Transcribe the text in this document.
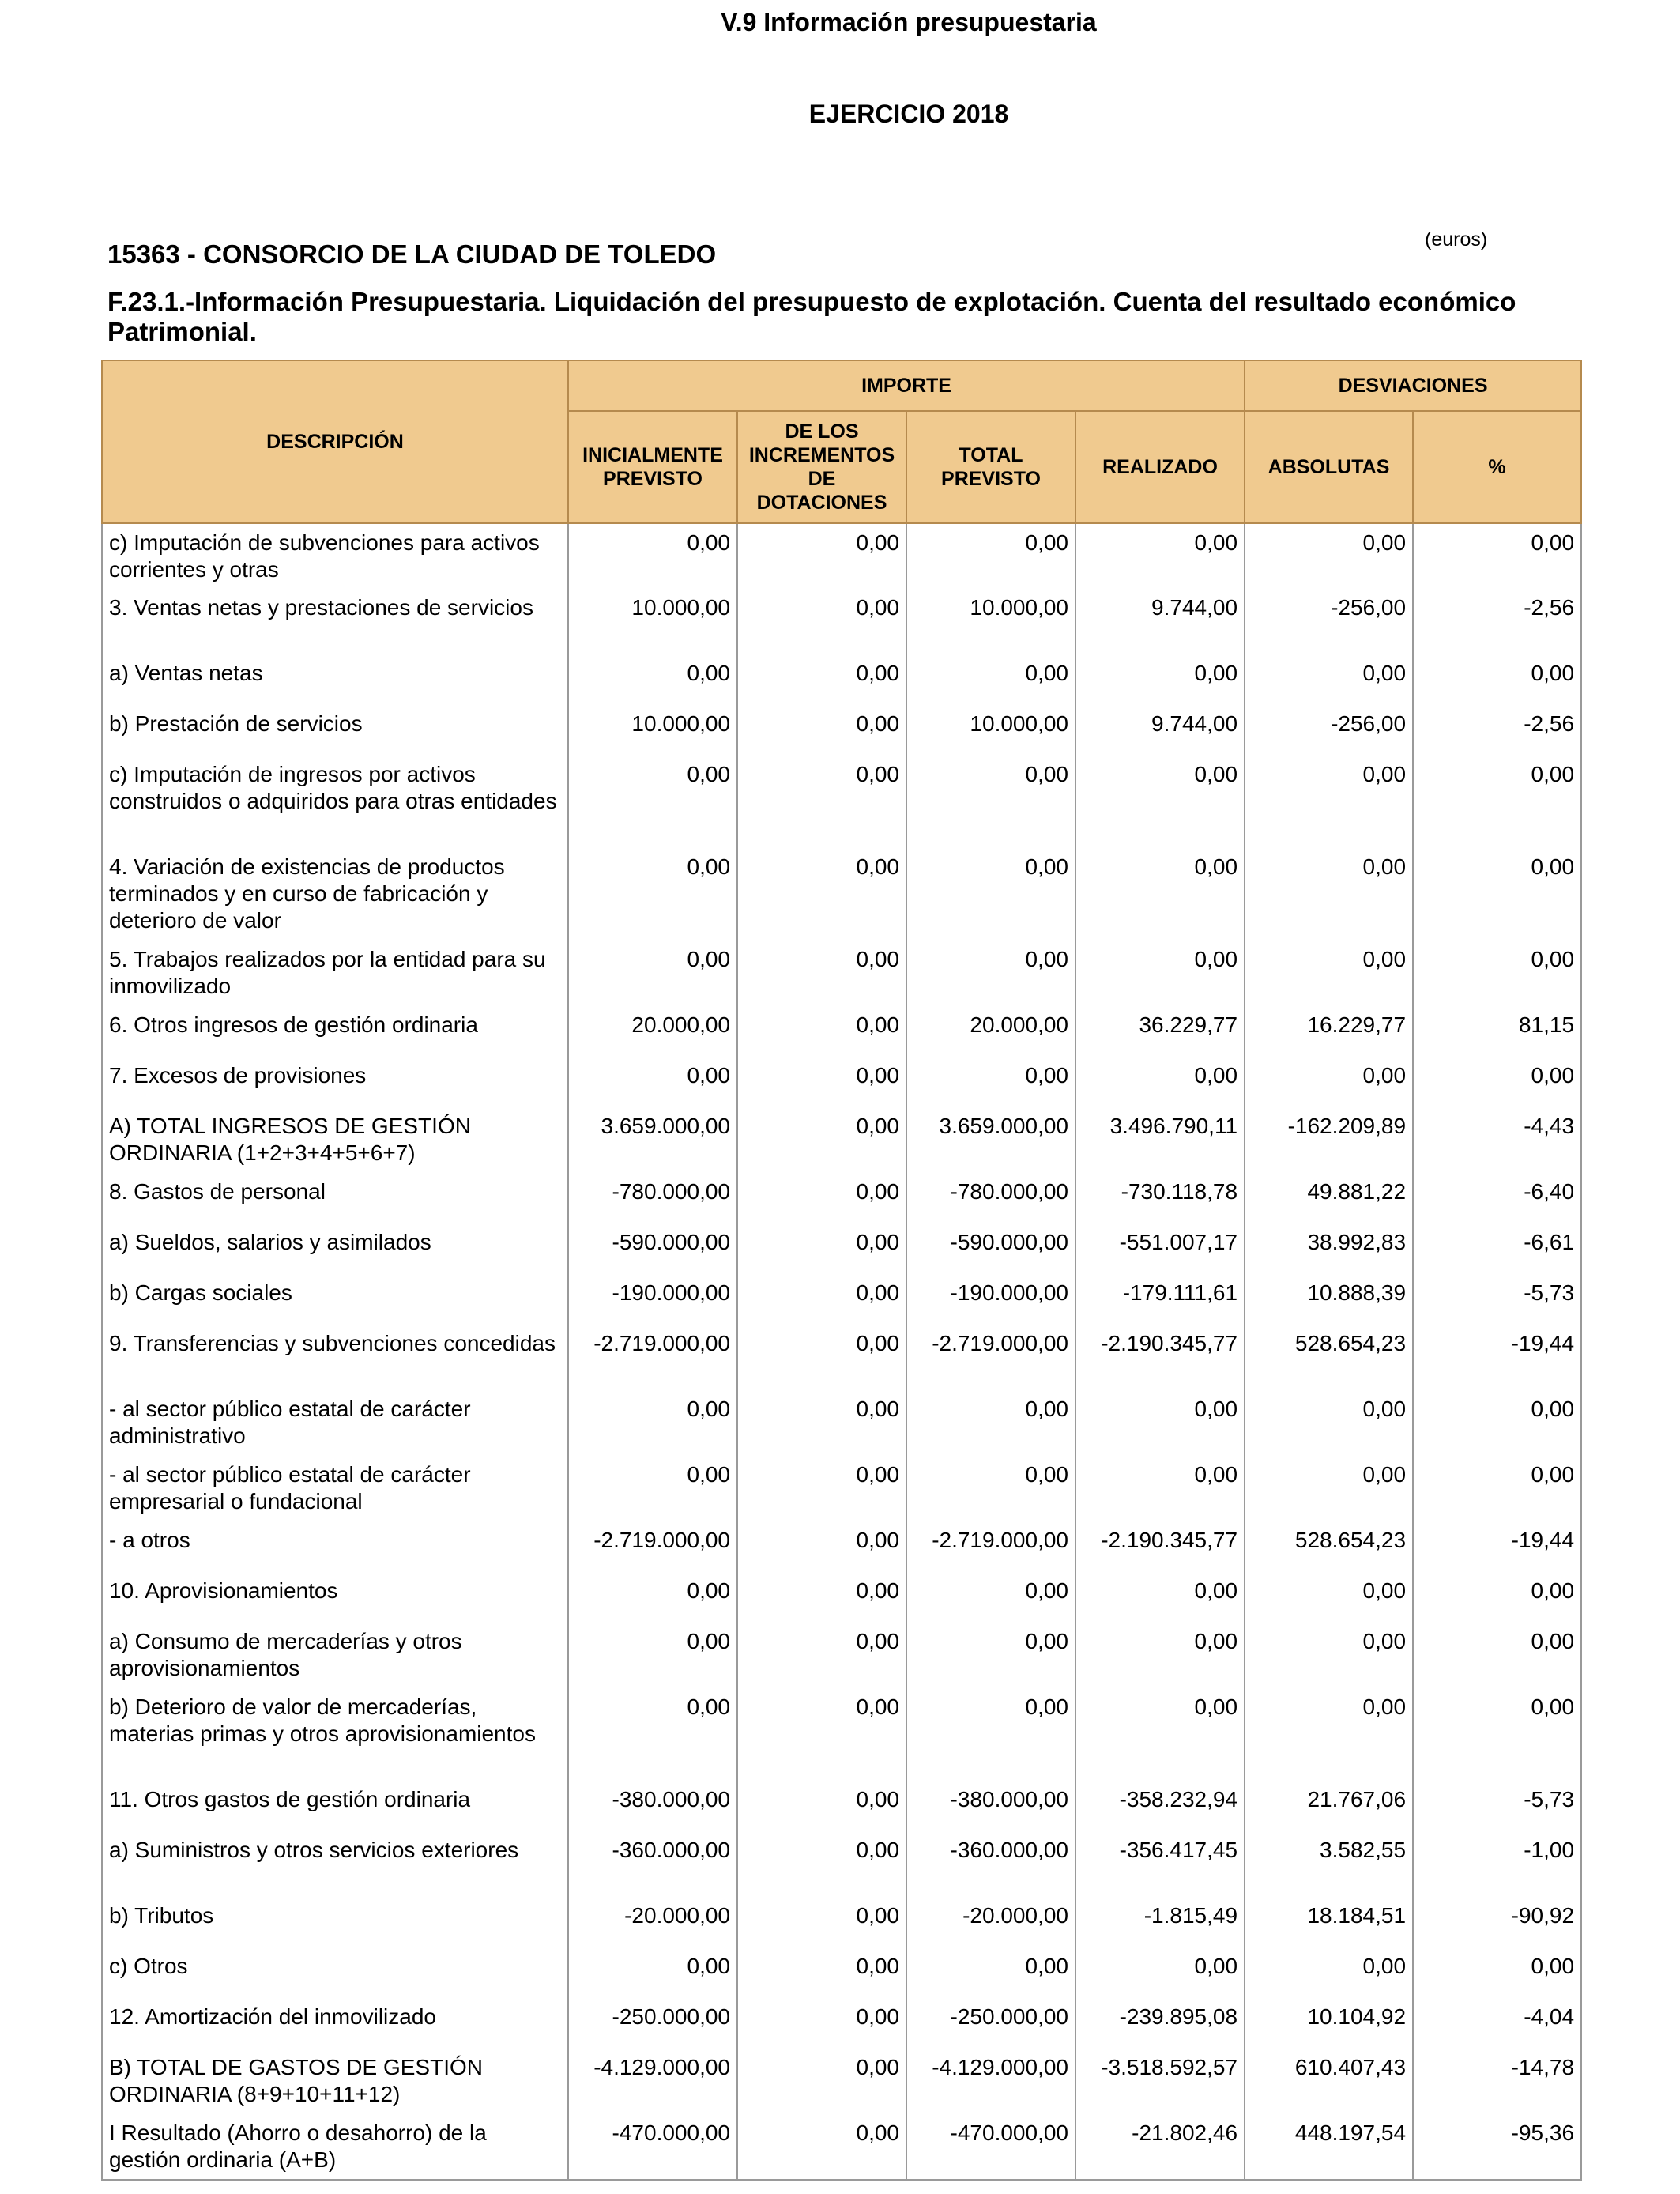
V.9 Información presupuestaria
EJERCICIO 2018
15363 - CONSORCIO DE LA CIUDAD DE TOLEDO	(euros)
F.23.1.-Información Presupuestaria. Liquidación del presupuesto de explotación. Cuenta del resultado económico Patrimonial.
DESCRIPCIÓN	IMPORTE				DESVIACIONES	
	INICIALMENTE PREVISTO	DE LOS INCREMENTOS DE DOTACIONES	TOTAL PREVISTO	REALIZADO	ABSOLUTAS	%
c) Imputación de subvenciones para activos corrientes y otras	0,00	0,00	0,00	0,00	0,00	0,00
3. Ventas netas y prestaciones de servicios	10.000,00	0,00	10.000,00	9.744,00	-256,00	-2,56
a) Ventas netas	0,00	0,00	0,00	0,00	0,00	0,00
b) Prestación de servicios	10.000,00	0,00	10.000,00	9.744,00	-256,00	-2,56
c) Imputación de ingresos por activos construidos o adquiridos para otras entidades	0,00	0,00	0,00	0,00	0,00	0,00
4. Variación de existencias de productos terminados y en curso de fabricación y deterioro de valor	0,00	0,00	0,00	0,00	0,00	0,00
5. Trabajos realizados por la entidad para su inmovilizado	0,00	0,00	0,00	0,00	0,00	0,00
6. Otros ingresos de gestión ordinaria	20.000,00	0,00	20.000,00	36.229,77	16.229,77	81,15
7. Excesos de provisiones	0,00	0,00	0,00	0,00	0,00	0,00
A) TOTAL INGRESOS DE GESTIÓN ORDINARIA (1+2+3+4+5+6+7)	3.659.000,00	0,00	3.659.000,00	3.496.790,11	-162.209,89	-4,43
8. Gastos de personal	-780.000,00	0,00	-780.000,00	-730.118,78	49.881,22	-6,40
a) Sueldos, salarios y asimilados	-590.000,00	0,00	-590.000,00	-551.007,17	38.992,83	-6,61
b) Cargas sociales	-190.000,00	0,00	-190.000,00	-179.111,61	10.888,39	-5,73
9. Transferencias y subvenciones concedidas	-2.719.000,00	0,00	-2.719.000,00	-2.190.345,77	528.654,23	-19,44
- al sector público estatal de carácter administrativo	0,00	0,00	0,00	0,00	0,00	0,00
- al sector público estatal de carácter empresarial o fundacional	0,00	0,00	0,00	0,00	0,00	0,00
- a otros	-2.719.000,00	0,00	-2.719.000,00	-2.190.345,77	528.654,23	-19,44
10. Aprovisionamientos	0,00	0,00	0,00	0,00	0,00	0,00
a) Consumo de mercaderías y otros aprovisionamientos	0,00	0,00	0,00	0,00	0,00	0,00
b) Deterioro de valor de mercaderías, materias primas y otros aprovisionamientos	0,00	0,00	0,00	0,00	0,00	0,00
11. Otros gastos de gestión ordinaria	-380.000,00	0,00	-380.000,00	-358.232,94	21.767,06	-5,73
a) Suministros y otros servicios exteriores	-360.000,00	0,00	-360.000,00	-356.417,45	3.582,55	-1,00
b) Tributos	-20.000,00	0,00	-20.000,00	-1.815,49	18.184,51	-90,92
c) Otros	0,00	0,00	0,00	0,00	0,00	0,00
12. Amortización del inmovilizado	-250.000,00	0,00	-250.000,00	-239.895,08	10.104,92	-4,04
B) TOTAL DE GASTOS DE GESTIÓN ORDINARIA (8+9+10+11+12)	-4.129.000,00	0,00	-4.129.000,00	-3.518.592,57	610.407,43	-14,78
I Resultado (Ahorro o desahorro) de la gestión ordinaria (A+B)	-470.000,00	0,00	-470.000,00	-21.802,46	448.197,54	-95,36
